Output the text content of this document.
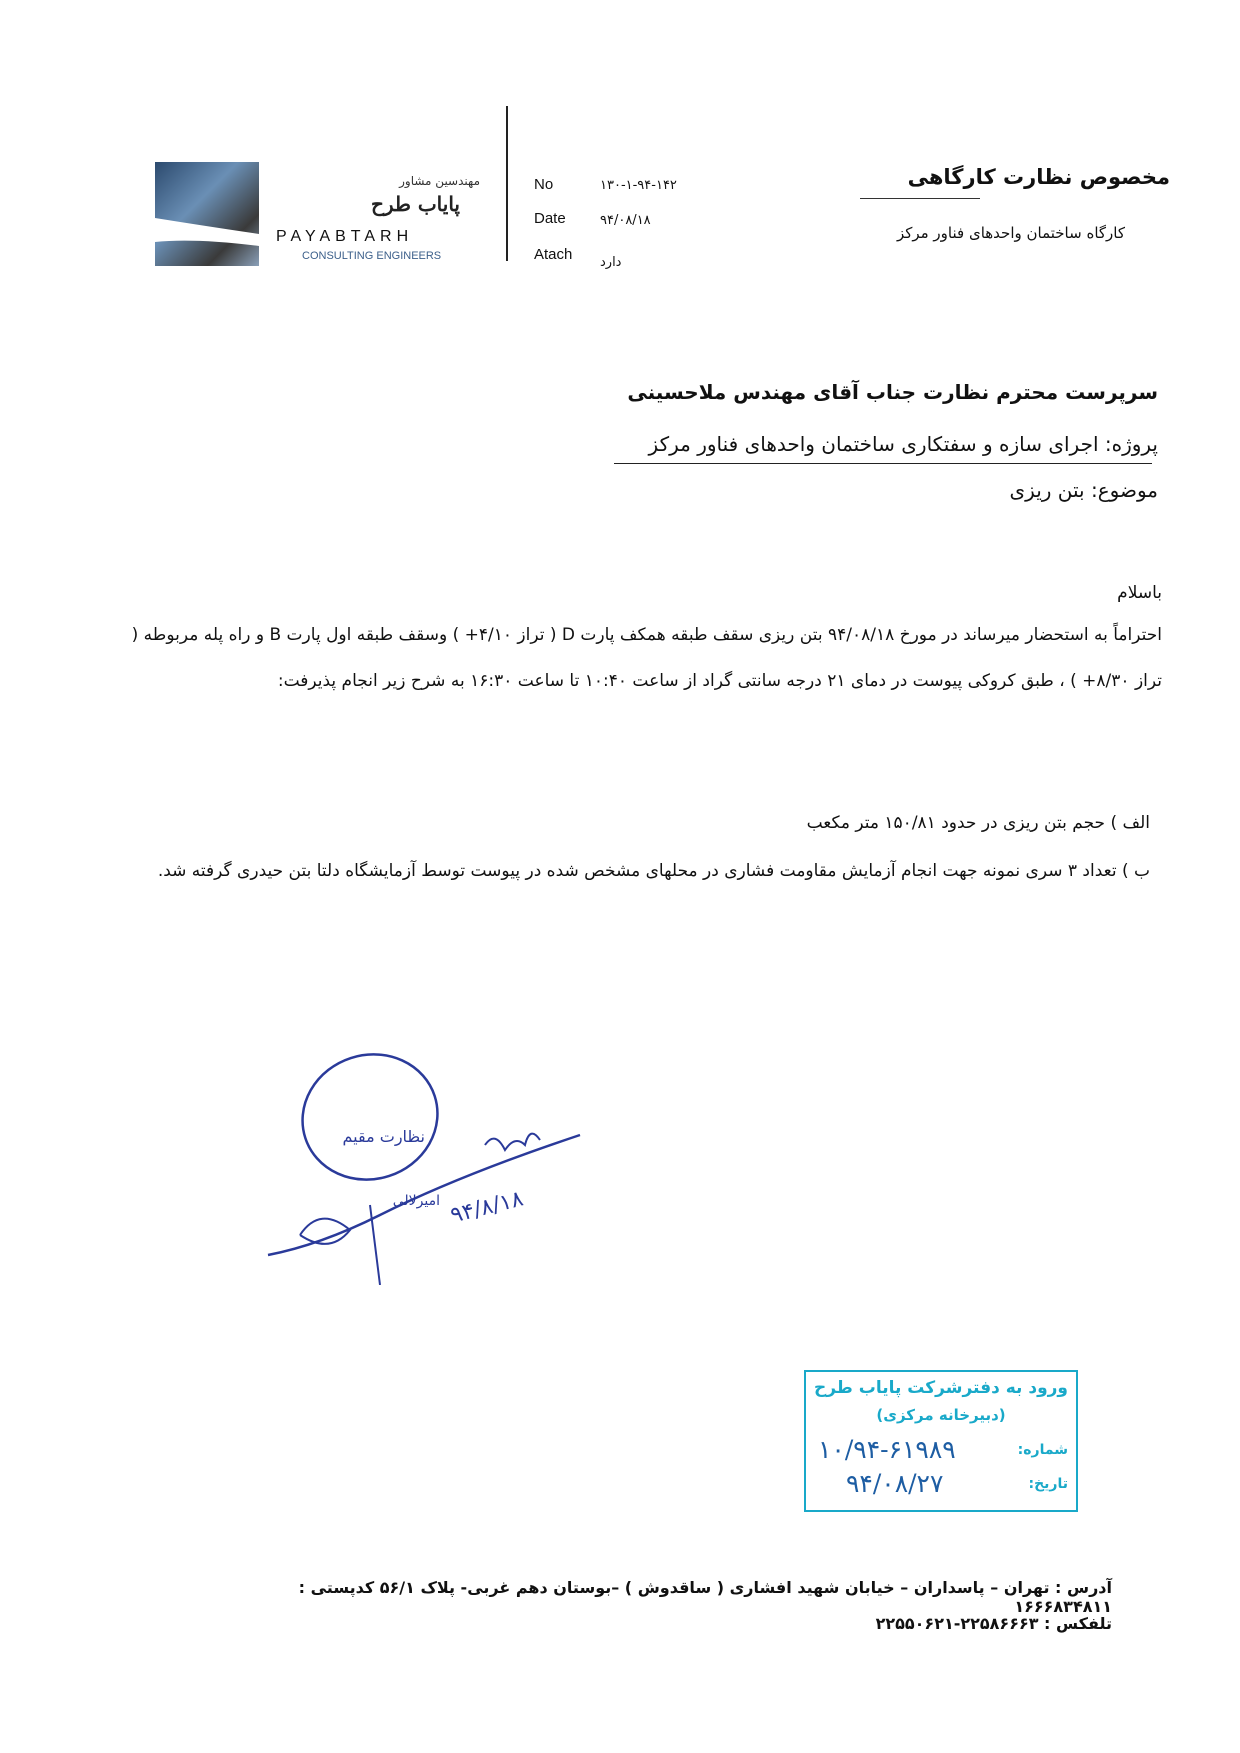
مهندسین مشاور
پایاب طرح
PAYABTARH
CONSULTING ENGINEERS
No	۱۳۰-۱-۹۴-۱۴۲
Date	۹۴/۰۸/۱۸
Atach دارد
مخصوص نظارت کارگاهی
کارگاه ساختمان واحدهای فناور مرکز
سرپرست محترم نظارت جناب آقای مهندس ملاحسینی
پروژه: اجرای سازه و سفتکاری ساختمان واحدهای فناور مرکز
موضوع: بتن ریزی
باسلام
احتراماً به استحضار میرساند در مورخ ۹۴/۰۸/۱۸ بتن ریزی سقف طبقه همکف پارت D ( تراز ۴/۱۰+ ) وسقف طبقه اول پارت B و راه پله مربوطه ( تراز ۸/۳۰+ ) ، طبق کروکی پیوست در دمای ۲۱ درجه سانتی گراد از ساعت ۱۰:۴۰ تا ساعت ۱۶:۳۰ به شرح زیر انجام پذیرفت:
الف ) حجم بتن ریزی در حدود ۱۵۰/۸۱ متر مکعب
ب ) تعداد ۳ سری نمونه جهت انجام آزمایش مقاومت فشاری در محلهای مشخص شده در پیوست توسط آزمایشگاه دلتا بتن حیدری گرفته شد.
نظارت مقیم
امیرلالی ۹۴/۸/۱۸
ورود به دفترشرکت پایاب طرح
(دبیرخانه مرکزی)
شماره:
۱۰/۹۴-۶۱۹۸۹
تاریخ:
۹۴/۰۸/۲۷
آدرس : تهران – پاسداران – خیابان شهید افشاری ( ساقدوش ) –بوستان دهم غربی- پلاک ۵۶/۱ کدپستی : ۱۶۶۶۸۳۴۸۱۱
تلفکس : ۲۲۵۸۶۶۶۳-۲۲۵۵۰۶۲۱
